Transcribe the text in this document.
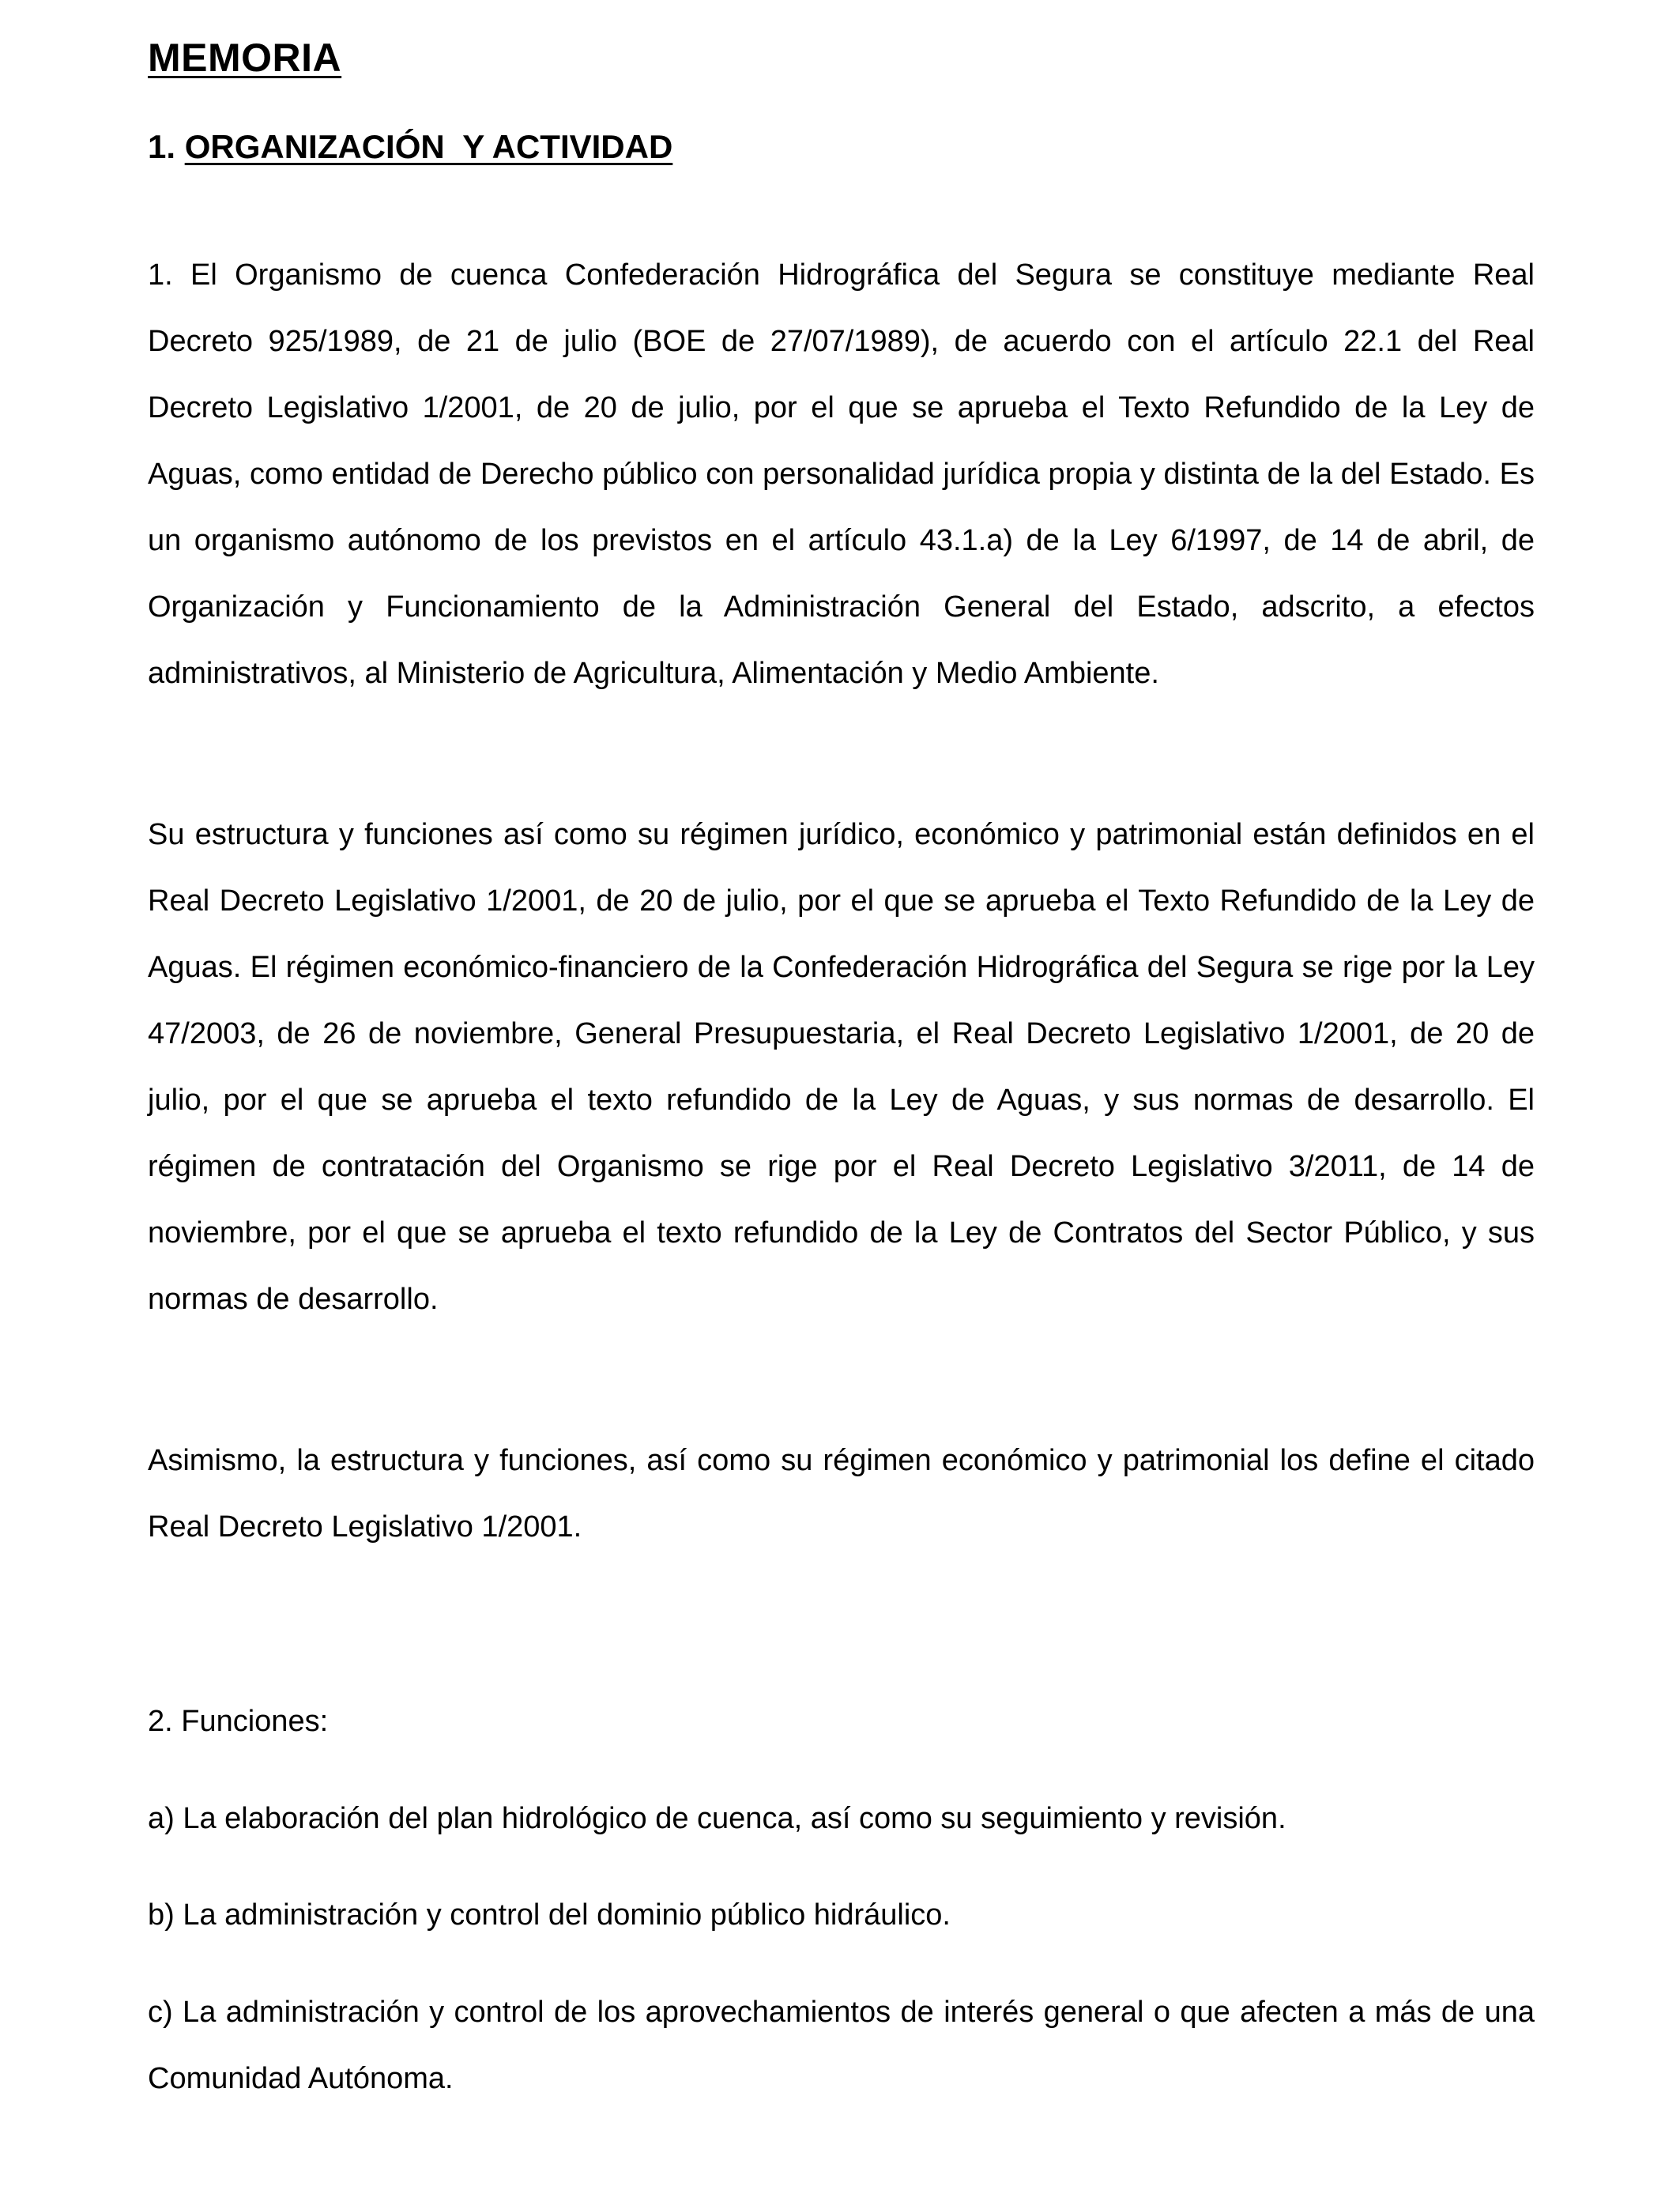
MEMORIA
1. ORGANIZACIÓN  Y ACTIVIDAD

1. El Organismo de cuenca Confederación Hidrográfica del Segura se constituye mediante Real Decreto 925/1989, de 21 de julio (BOE de 27/07/1989), de acuerdo con el artículo 22.1 del Real Decreto Legislativo 1/2001, de 20 de julio, por el que se aprueba el Texto Refundido de la Ley de Aguas, como entidad de Derecho público con personalidad jurídica propia y distinta de la del Estado. Es un organismo autónomo de los previstos en el artículo 43.1.a) de la Ley 6/1997, de 14 de abril, de Organización y Funcionamiento de la Administración General del Estado, adscrito, a efectos administrativos, al Ministerio de Agricultura, Alimentación y Medio Ambiente.

Su estructura y funciones así como su régimen jurídico, económico y patrimonial están definidos en el Real Decreto Legislativo 1/2001, de 20 de julio, por el que se aprueba el Texto Refundido de la Ley de Aguas. El régimen económico-financiero de la Confederación Hidrográfica del Segura se rige por la Ley 47/2003, de 26 de noviembre, General Presupuestaria, el Real Decreto Legislativo 1/2001, de 20 de julio, por el que se aprueba el texto refundido de la Ley de Aguas, y sus normas de desarrollo. El régimen de contratación del Organismo se rige por el Real Decreto Legislativo 3/2011, de 14 de noviembre, por el que se aprueba el texto refundido de la Ley de Contratos del Sector Público, y sus normas de desarrollo.

Asimismo, la estructura y funciones, así como su régimen económico y patrimonial los define el citado Real Decreto Legislativo 1/2001.

2. Funciones:

a) La elaboración del plan hidrológico de cuenca, así como su seguimiento y revisión.

b) La administración y control del dominio público hidráulico.

c) La administración y control de los aprovechamientos de interés general o que afecten a más de una Comunidad Autónoma.
